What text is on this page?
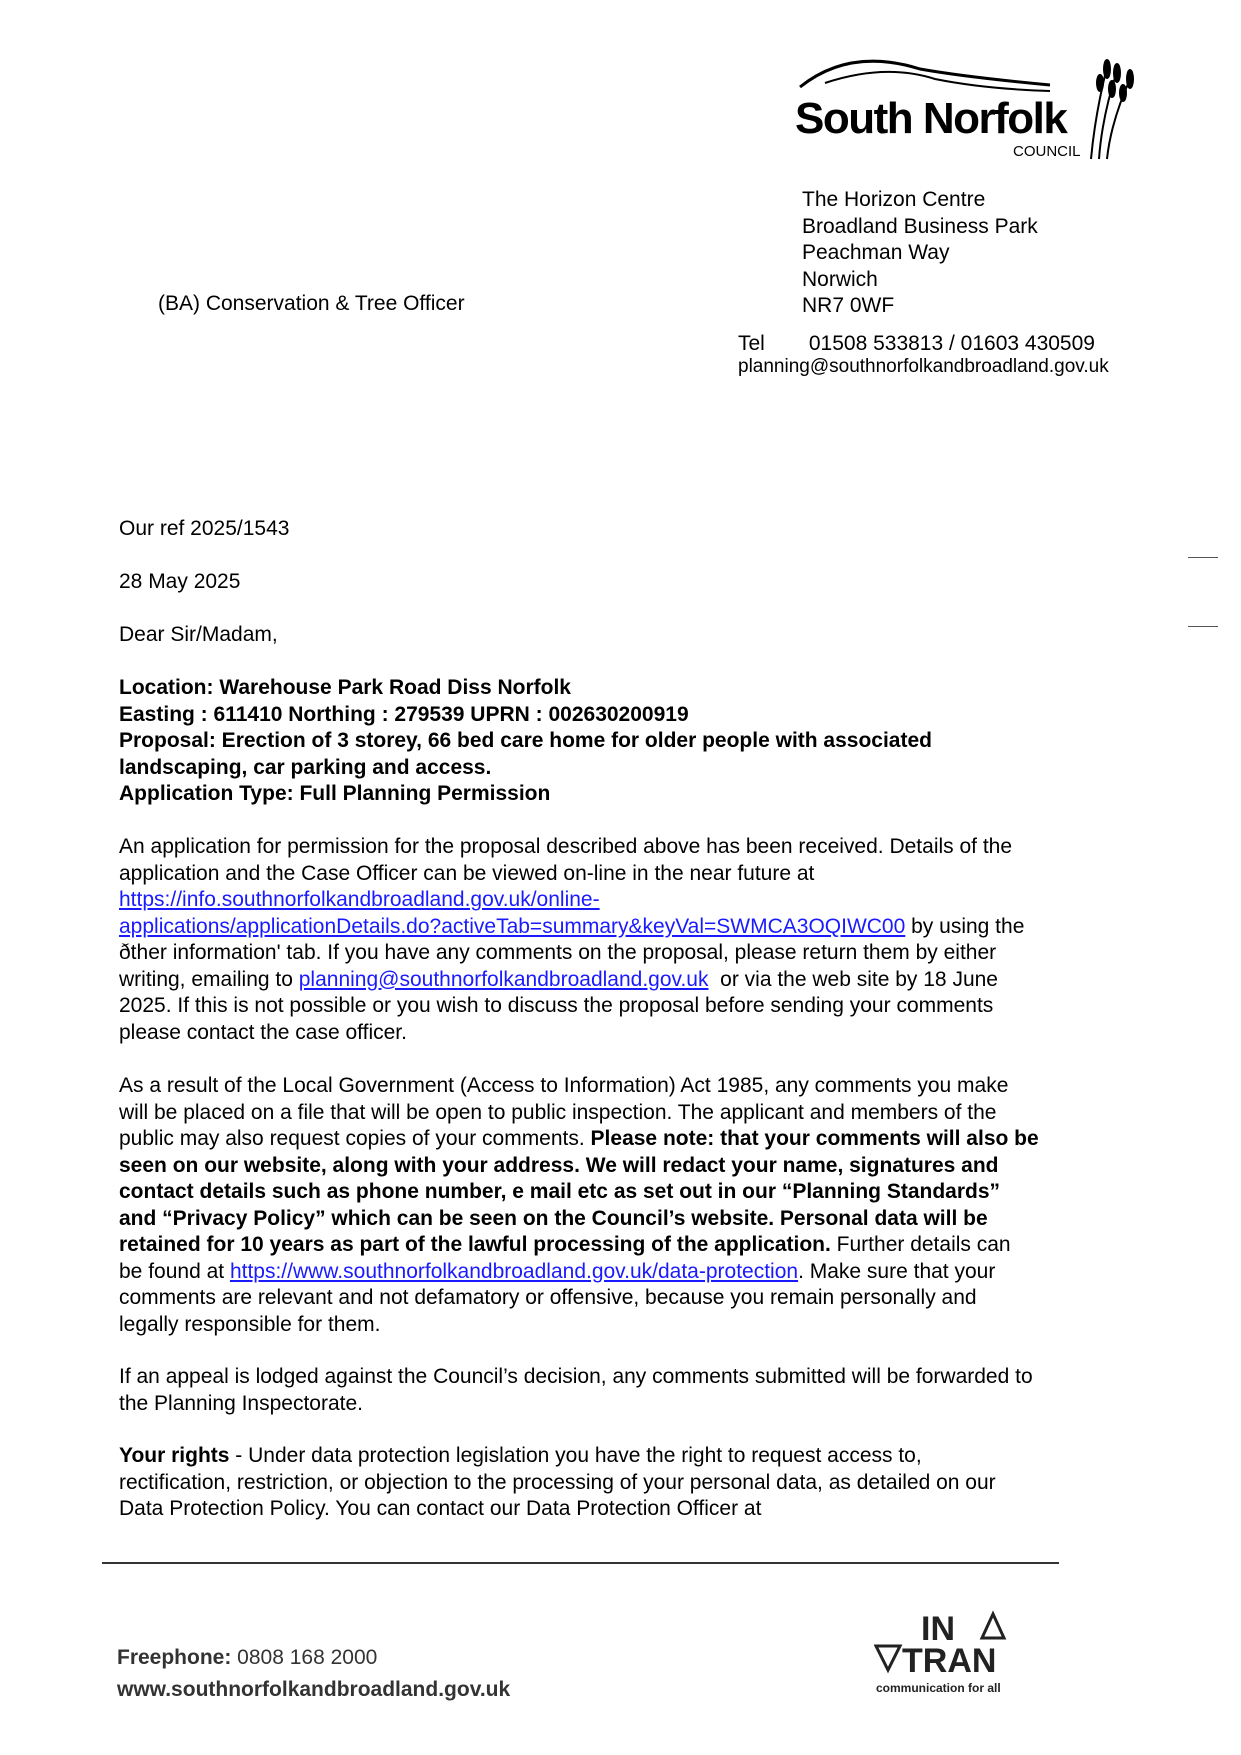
South Norfolk
COUNCIL
The Horizon Centre
Broadland Business Park
Peachman Way
Norwich
NR7 0WF
(BA) Conservation & Tree Officer
Tel 01508 533813 / 01603 430509
planning@southnorfolkandbroadland.gov.uk
Our ref 2025/1543
28 May 2025
Dear Sir/Madam,
Location: Warehouse Park Road Diss Norfolk
Easting : 611410 Northing : 279539 UPRN : 002630200919
Proposal: Erection of 3 storey, 66 bed care home for older people with associated
landscaping, car parking and access.
Application Type: Full Planning Permission
An application for permission for the proposal described above has been received. Details of the
application and the Case Officer can be viewed on-line in the near future at
https://info.southnorfolkandbroadland.gov.uk/online-
applications/applicationDetails.do?activeTab=summary&keyVal=SWMCA3OQIWC00 by using the
ðther information' tab. If you have any comments on the proposal, please return them by either
writing, emailing to planning@southnorfolkandbroadland.gov.uk  or via the web site by 18 June
2025. If this is not possible or you wish to discuss the proposal before sending your comments
please contact the case officer.
As a result of the Local Government (Access to Information) Act 1985, any comments you make
will be placed on a file that will be open to public inspection. The applicant and members of the
public may also request copies of your comments. Please note: that your comments will also be
seen on our website, along with your address. We will redact your name, signatures and
contact details such as phone number, e mail etc as set out in our “Planning Standards”
and “Privacy Policy” which can be seen on the Council’s website. Personal data will be
retained for 10 years as part of the lawful processing of the application. Further details can
be found at https://www.southnorfolkandbroadland.gov.uk/data-protection. Make sure that your
comments are relevant and not defamatory or offensive, because you remain personally and
legally responsible for them.
If an appeal is lodged against the Council’s decision, any comments submitted will be forwarded to
the Planning Inspectorate.
Your rights - Under data protection legislation you have the right to request access to,
rectification, restriction, or objection to the processing of your personal data, as detailed on our
Data Protection Policy. You can contact our Data Protection Officer at
Freephone: 0808 168 2000
www.southnorfolkandbroadland.gov.uk
IN
TRAN
communication for all
